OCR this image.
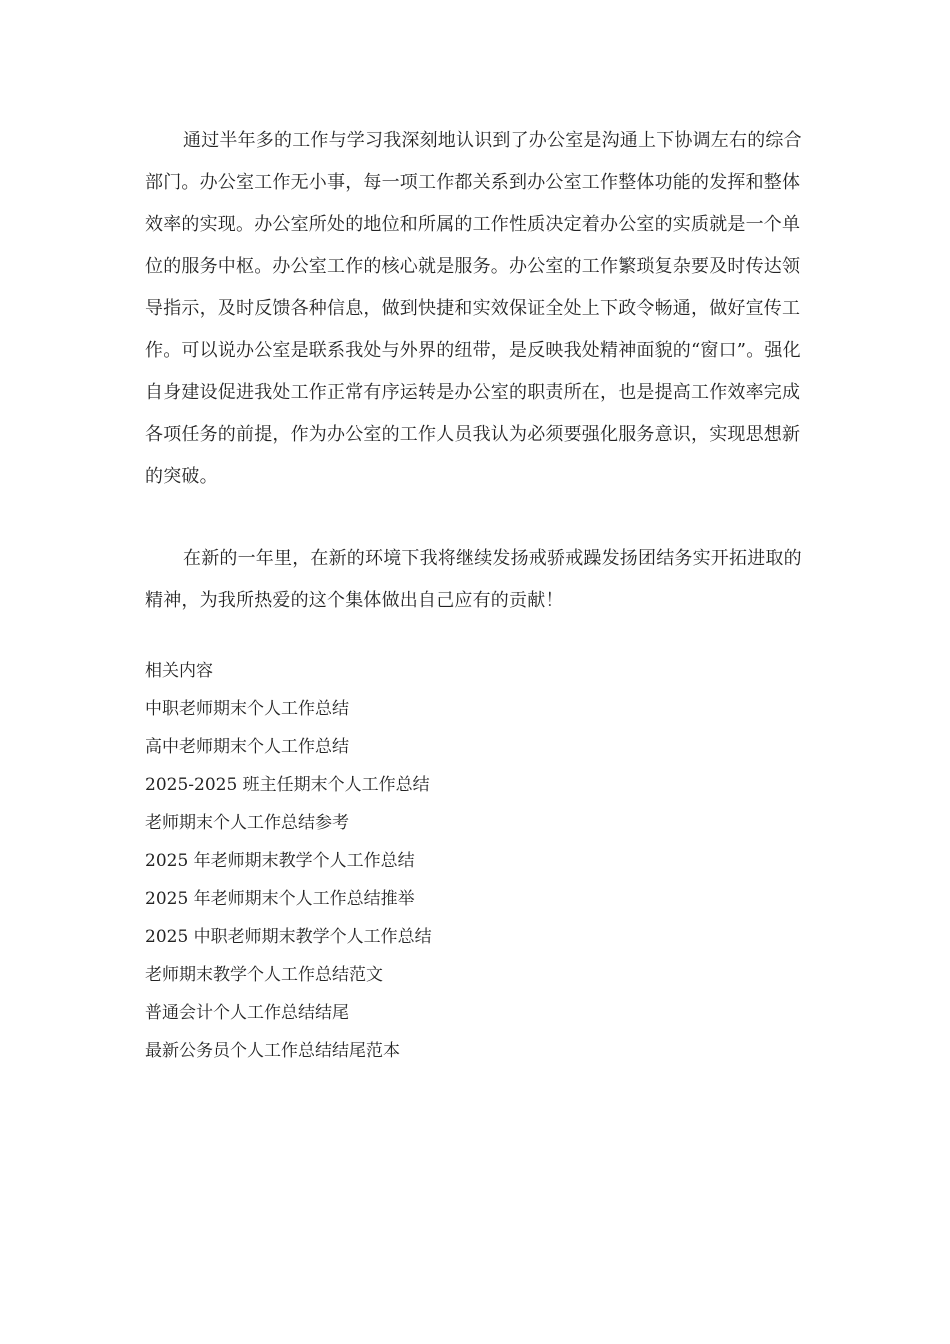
通过半年多的工作与学习我深刻地认识到了办公室是沟通上下协调左右的综合部门。办公室工作无小事，每一项工作都关系到办公室工作整体功能的发挥和整体效率的实现。办公室所处的地位和所属的工作性质决定着办公室的实质就是一个单位的服务中枢。办公室工作的核心就是服务。办公室的工作繁琐复杂要及时传达领导指示，及时反馈各种信息，做到快捷和实效保证全处上下政令畅通，做好宣传工作。可以说办公室是联系我处与外界的纽带，是反映我处精神面貌的“窗口”。强化自身建设促进我处工作正常有序运转是办公室的职责所在，也是提高工作效率完成各项任务的前提，作为办公室的工作人员我认为必须要强化服务意识，实现思想新的突破。

在新的一年里，在新的环境下我将继续发扬戒骄戒躁发扬团结务实开拓进取的精神，为我所热爱的这个集体做出自己应有的贡献！

相关内容
中职老师期末个人工作总结
高中老师期末个人工作总结
2025-2025 班主任期末个人工作总结
老师期末个人工作总结参考
2025 年老师期末教学个人工作总结
2025 年老师期末个人工作总结推举
2025 中职老师期末教学个人工作总结
老师期末教学个人工作总结范文
普通会计个人工作总结结尾
最新公务员个人工作总结结尾范本
